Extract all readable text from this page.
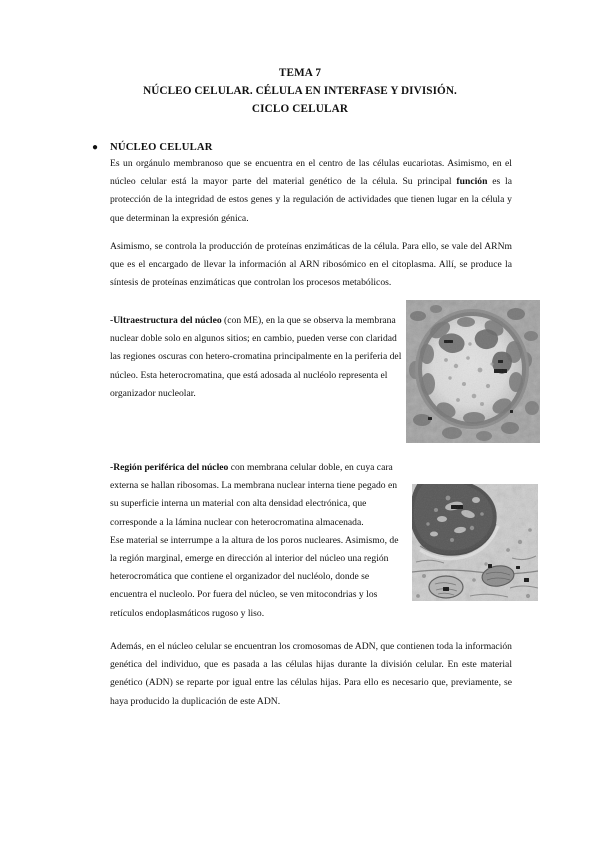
TEMA 7
NÚCLEO CELULAR. CÉLULA EN INTERFASE Y DIVISIÓN.
CICLO CELULAR
●	NÚCLEO CELULAR
Es un orgánulo membranoso que se encuentra en el centro de las células eucariotas. Asimismo, en el núcleo celular está la mayor parte del material genético de la célula. Su principal función es la protección de la integridad de estos genes y la regulación de actividades que tienen lugar en la célula y que determinan la expresión génica.
Asimismo, se controla la producción de proteínas enzimáticas de la célula. Para ello, se vale del ARNm que es el encargado de llevar la información al ARN ribosómico en el citoplasma. Allí, se produce la síntesis de proteínas enzimáticas que controlan los procesos metabólicos.
-Ultraestructura del núcleo (con ME), en la que se observa la membrana nuclear doble solo en algunos sitios; en cambio, pueden verse con claridad las regiones oscuras con hetero-cromatina principalmente en la periferia del núcleo. Esta heterocromatina, que está adosada al nucléolo representa el organizador nucleolar.
-Región periférica del núcleo con membrana celular doble, en cuya cara externa se hallan ribosomas. La membrana nuclear interna tiene pegado en su superficie interna un material con alta densidad electrónica, que corresponde a la lámina nuclear con heterocromatina almacenada.
Ese material se interrumpe a la altura de los poros nucleares. Asimismo, de la región marginal, emerge en dirección al interior del núcleo una región heterocromática que contiene el organizador del nucléolo, donde se encuentra el nucleolo. Por fuera del núcleo, se ven mitocondrias y los retículos endoplasmáticos rugoso y liso.
Además, en el núcleo celular se encuentran los cromosomas de ADN, que contienen toda la información genética del individuo, que es pasada a las células hijas durante la división celular. En este material genético (ADN) se reparte por igual entre las células hijas. Para ello es necesario que, previamente, se haya producido la duplicación de este ADN.
